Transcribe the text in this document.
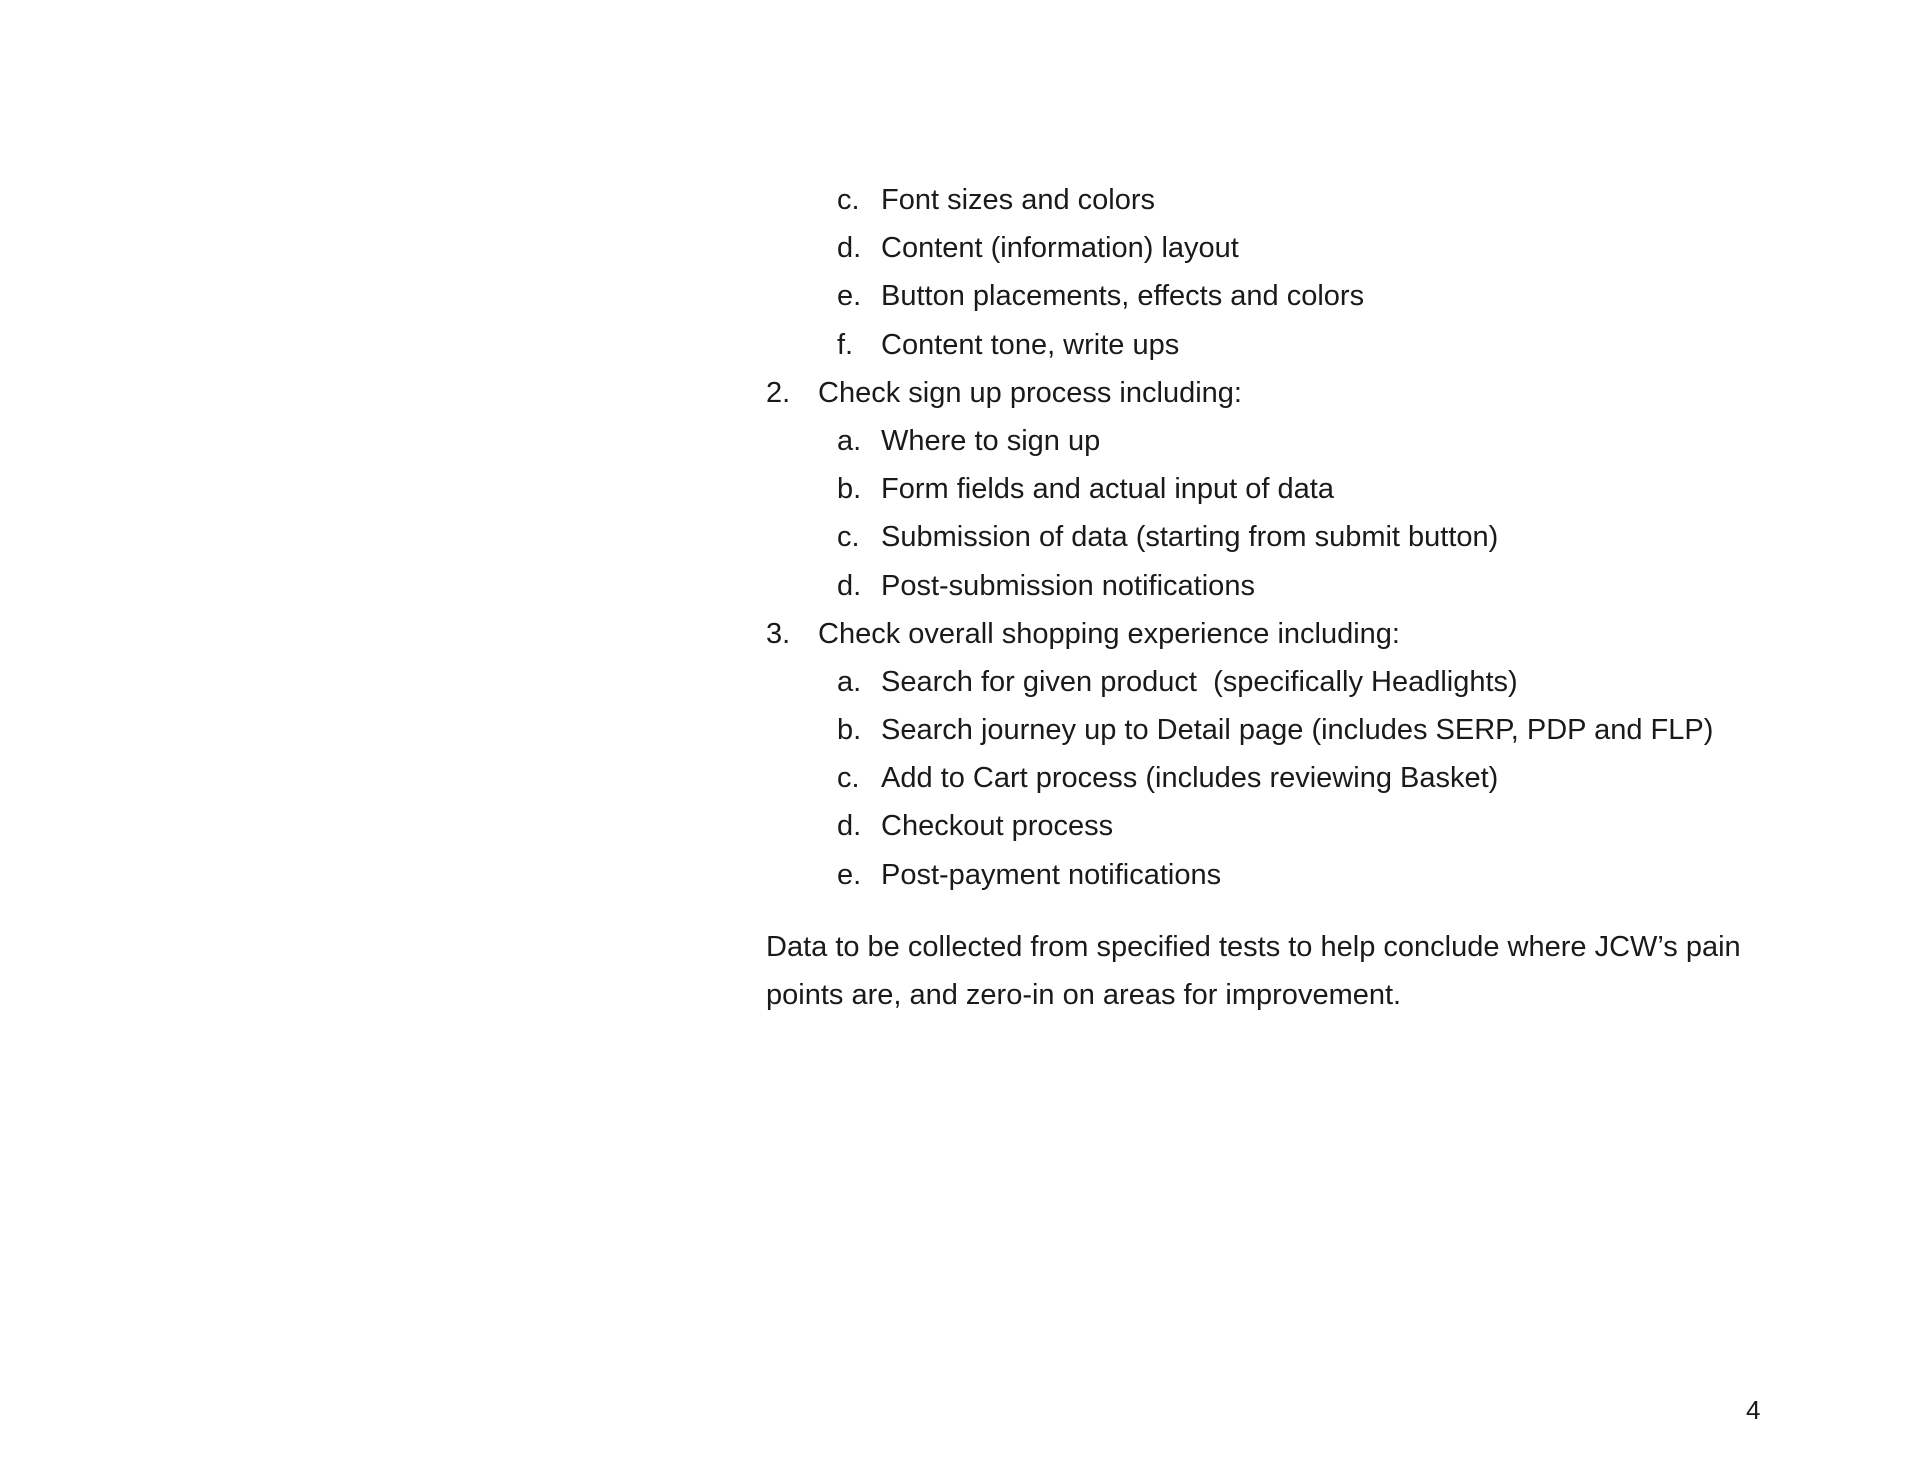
c. Font sizes and colors
d. Content (information) layout
e. Button placements, effects and colors
f. Content tone, write ups
2. Check sign up process including:
a. Where to sign up
b. Form fields and actual input of data
c. Submission of data (starting from submit button)
d. Post-submission notifications
3. Check overall shopping experience including:
a. Search for given product  (specifically Headlights)
b. Search journey up to Detail page (includes SERP, PDP and FLP)
c. Add to Cart process (includes reviewing Basket)
d. Checkout process
e. Post-payment notifications

Data to be collected from specified tests to help conclude where JCW’s pain points are, and zero-in on areas for improvement.

4
